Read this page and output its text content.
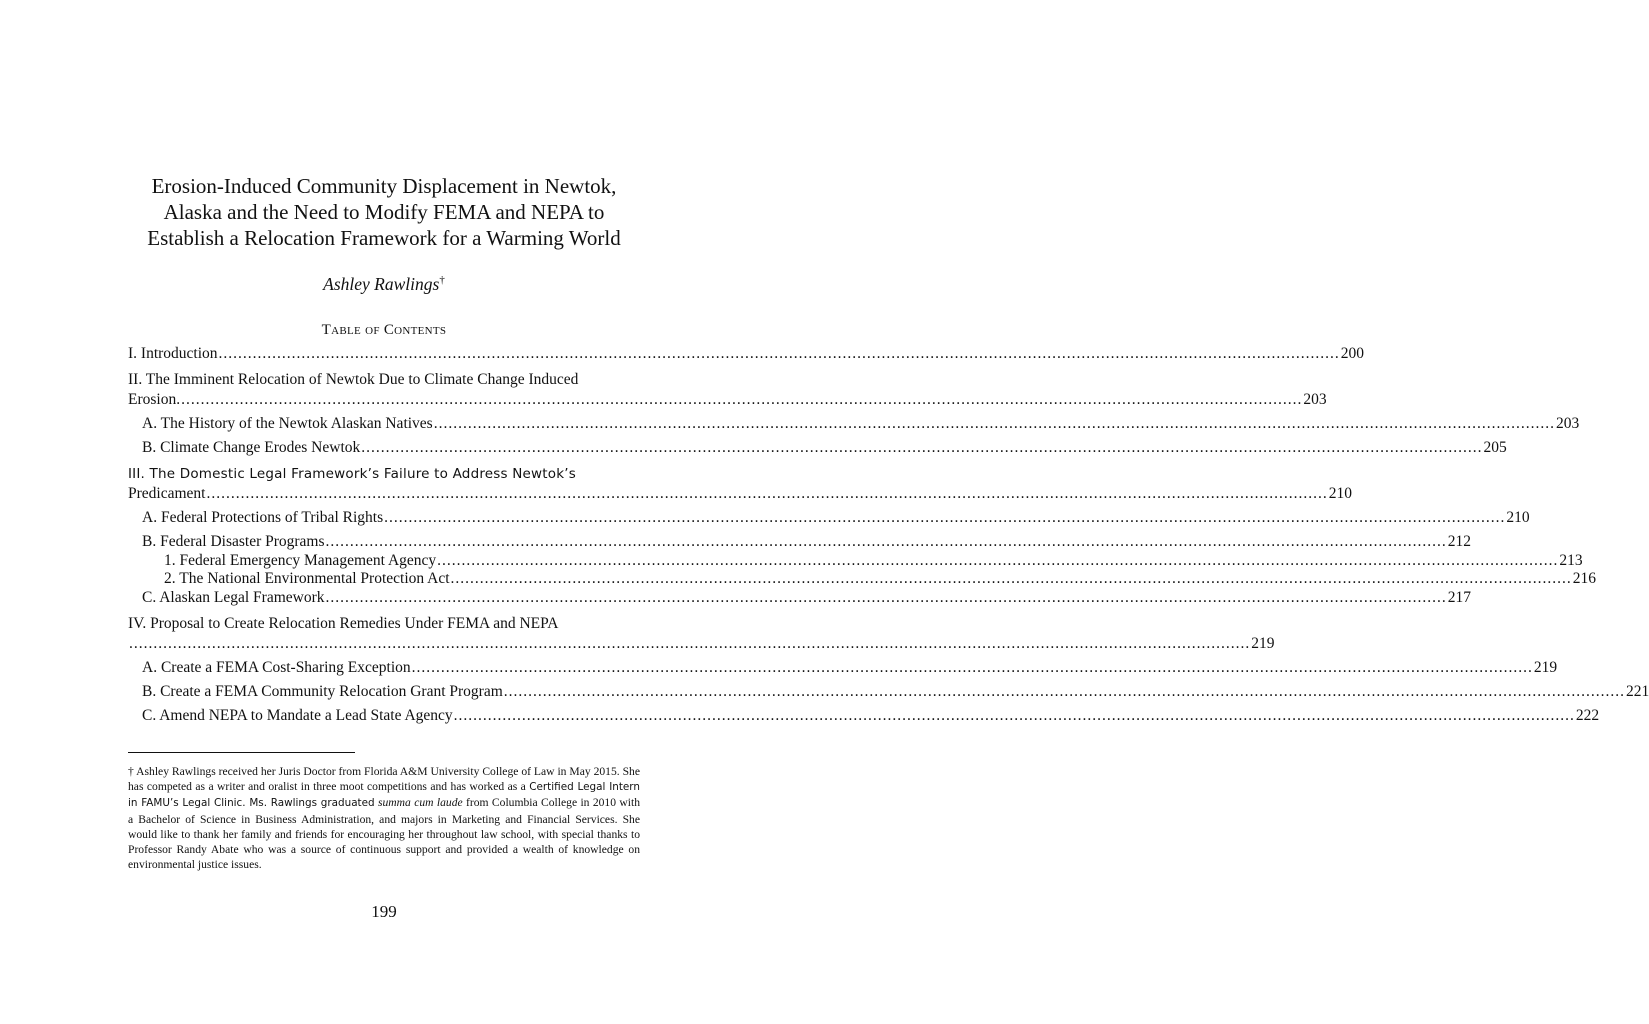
Erosion-Induced Community Displacement in Newtok,
Alaska and the Need to Modify FEMA and NEPA to
Establish a Relocation Framework for a Warming World
Ashley Rawlings†
Table of Contents
I. Introduction .....	200
II. The Imminent Relocation of Newtok Due to Climate Change Induced
Erosion. .....	203
A. The History of the Newtok Alaskan Natives .....	203
B. Climate Change Erodes Newtok .....	205
III. The Domestic Legal Framework’s Failure to Address Newtok’s
Predicament .....	210
A. Federal Protections of Tribal Rights .....	210
B. Federal Disaster Programs .....	212
1. Federal Emergency Management Agency .....	213
2. The National Environmental Protection Act .....	216
C. Alaskan Legal Framework .....	217
IV. Proposal to Create Relocation Remedies Under FEMA and NEPA
.....
219
A. Create a FEMA Cost-Sharing Exception .....	219
B. Create a FEMA Community Relocation Grant Program .....	221
C. Amend NEPA to Mandate a Lead State Agency .....	222
† Ashley Rawlings received her Juris Doctor from Florida A&M University College of Law in May 2015. She has competed as a writer and oralist in three moot competitions and has worked as a Certified Legal Intern in FAMU’s Legal Clinic. Ms. Rawlings graduated summa cum laude from Columbia College in 2010 with a Bachelor of Science in Business Administration, and majors in Marketing and Financial Services. She would like to thank her family and friends for encouraging her throughout law school, with special thanks to Professor Randy Abate who was a source of continuous support and provided a wealth of knowledge on environmental justice issues.
199
